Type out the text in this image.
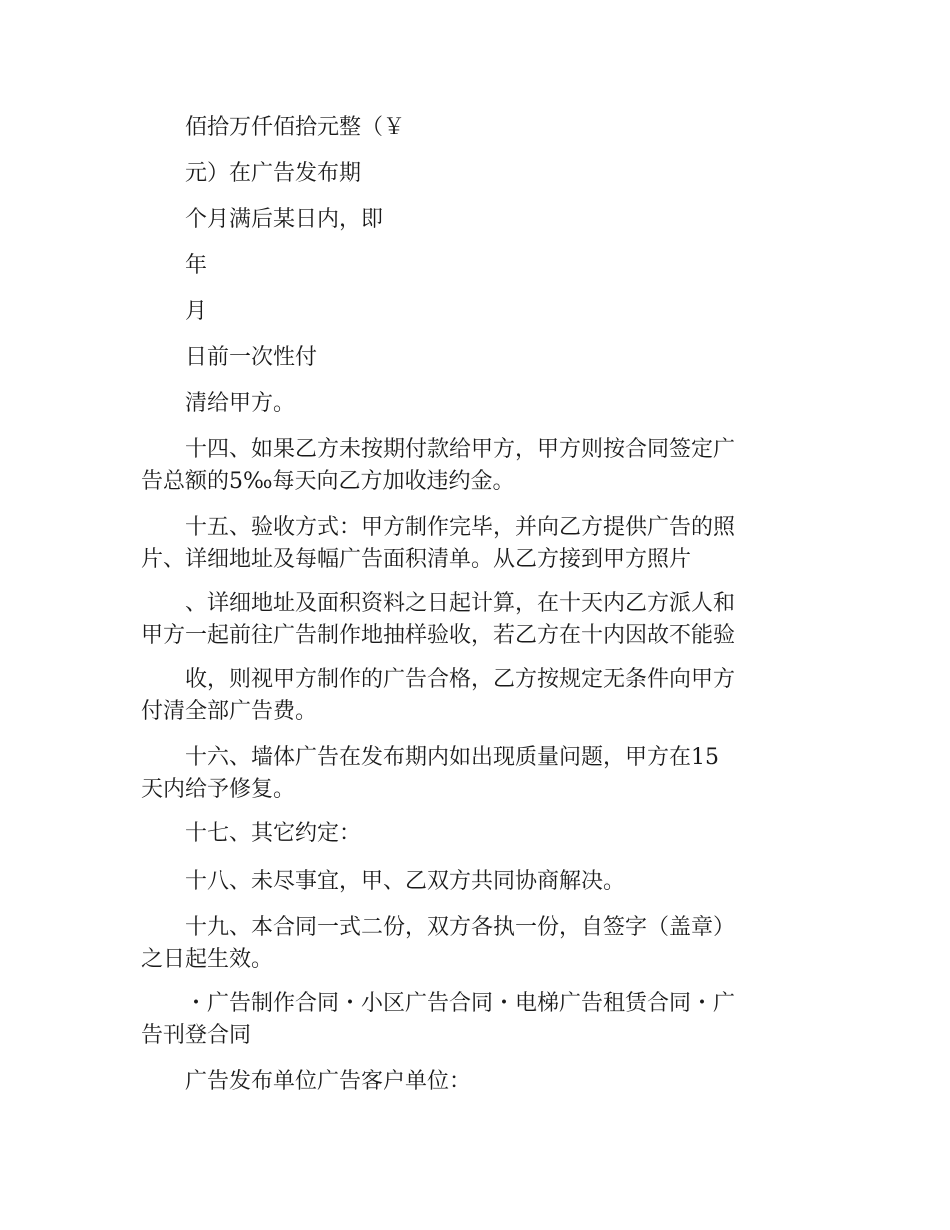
佰拾万仟佰拾元整（￥

元）在广告发布期

个月满后某日内，即

年

月

日前一次性付

清给甲方。

十四、如果乙方未按期付款给甲方，甲方则按合同签定广
告总额的5‰每天向乙方加收违约金。

十五、验收方式：甲方制作完毕，并向乙方提供广告的照
片、详细地址及每幅广告面积清单。从乙方接到甲方照片

、详细地址及面积资料之日起计算，在十天内乙方派人和
甲方一起前往广告制作地抽样验收，若乙方在十内因故不能验

收，则视甲方制作的广告合格，乙方按规定无条件向甲方
付清全部广告费。

十六、墙体广告在发布期内如出现质量问题，甲方在15
天内给予修复。

十七、其它约定：

十八、未尽事宜，甲、乙双方共同协商解决。

十九、本合同一式二份，双方各执一份，自签字（盖章）
之日起生效。

・广告制作合同・小区广告合同・电梯广告租赁合同・广
告刊登合同

广告发布单位广告客户单位：
